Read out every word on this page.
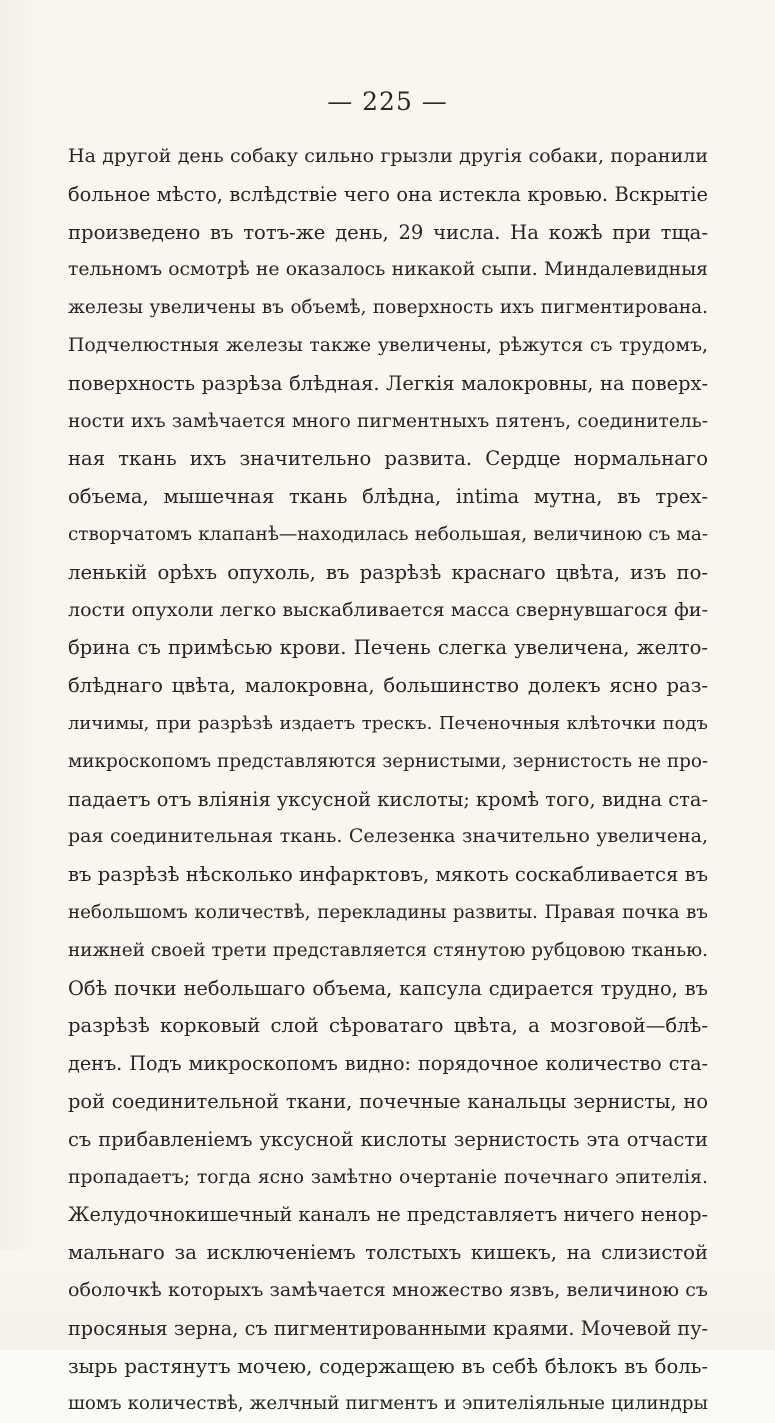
— 225 —
На другой день собаку сильно грызли другія собаки, поранили
больное мѣсто, вслѣдствіе чего она истекла кровью. Вскрытіе
произведено въ тотъ-же день, 29 числа. На кожѣ при тща-
тельномъ осмотрѣ не оказалось никакой сыпи. Миндалевидныя
железы увеличены въ объемѣ, поверхность ихъ пигментирована.
Подчелюстныя железы также увеличены, рѣжутся съ трудомъ,
поверхность разрѣза блѣдная. Легкія малокровны, на поверх-
ности ихъ замѣчается много пигментныхъ пятенъ, соединитель-
ная ткань ихъ значительно развита. Сердце нормальнаго
объема, мышечная ткань блѣдна, intima мутна, въ трех-
створчатомъ клапанѣ—находилась небольшая, величиною съ ма-
ленькій орѣхъ опухоль, въ разрѣзѣ краснаго цвѣта, изъ по-
лости опухоли легко выскабливается масса свернувшагося фи-
брина съ примѣсью крови. Печень слегка увеличена, желто-
блѣднаго цвѣта, малокровна, большинство долекъ ясно раз-
личимы, при разрѣзѣ издаетъ трескъ. Печеночныя клѣточки подъ
микроскопомъ представляются зернистыми, зернистость не про-
падаетъ отъ вліянія уксусной кислоты; кромѣ того, видна ста-
рая соединительная ткань. Селезенка значительно увеличена,
въ разрѣзѣ нѣсколько инфарктовъ, мякоть соскабливается въ
небольшомъ количествѣ, перекладины развиты. Правая почка въ
нижней своей трети представляется стянутою рубцовою тканью.
Обѣ почки небольшаго объема, капсула сдирается трудно, въ
разрѣзѣ корковый слой сѣроватаго цвѣта, а мозговой—блѣ-
денъ. Подъ микроскопомъ видно: порядочное количество ста-
рой соединительной ткани, почечные канальцы зернисты, но
съ прибавленіемъ уксусной кислоты зернистость эта отчасти
пропадаетъ; тогда ясно замѣтно очертаніе почечнаго эпителія.
Желудочнокишечный каналъ не представляетъ ничего ненор-
мальнаго за исключеніемъ толстыхъ кишекъ, на слизистой
оболочкѣ которыхъ замѣчается множество язвъ, величиною съ
просяныя зерна, съ пигментированными краями. Мочевой пу-
зырь растянутъ мочею, содержащею въ себѣ бѣлокъ въ боль-
шомъ количествѣ, желчный пигментъ и эпителіяльные цилиндры
